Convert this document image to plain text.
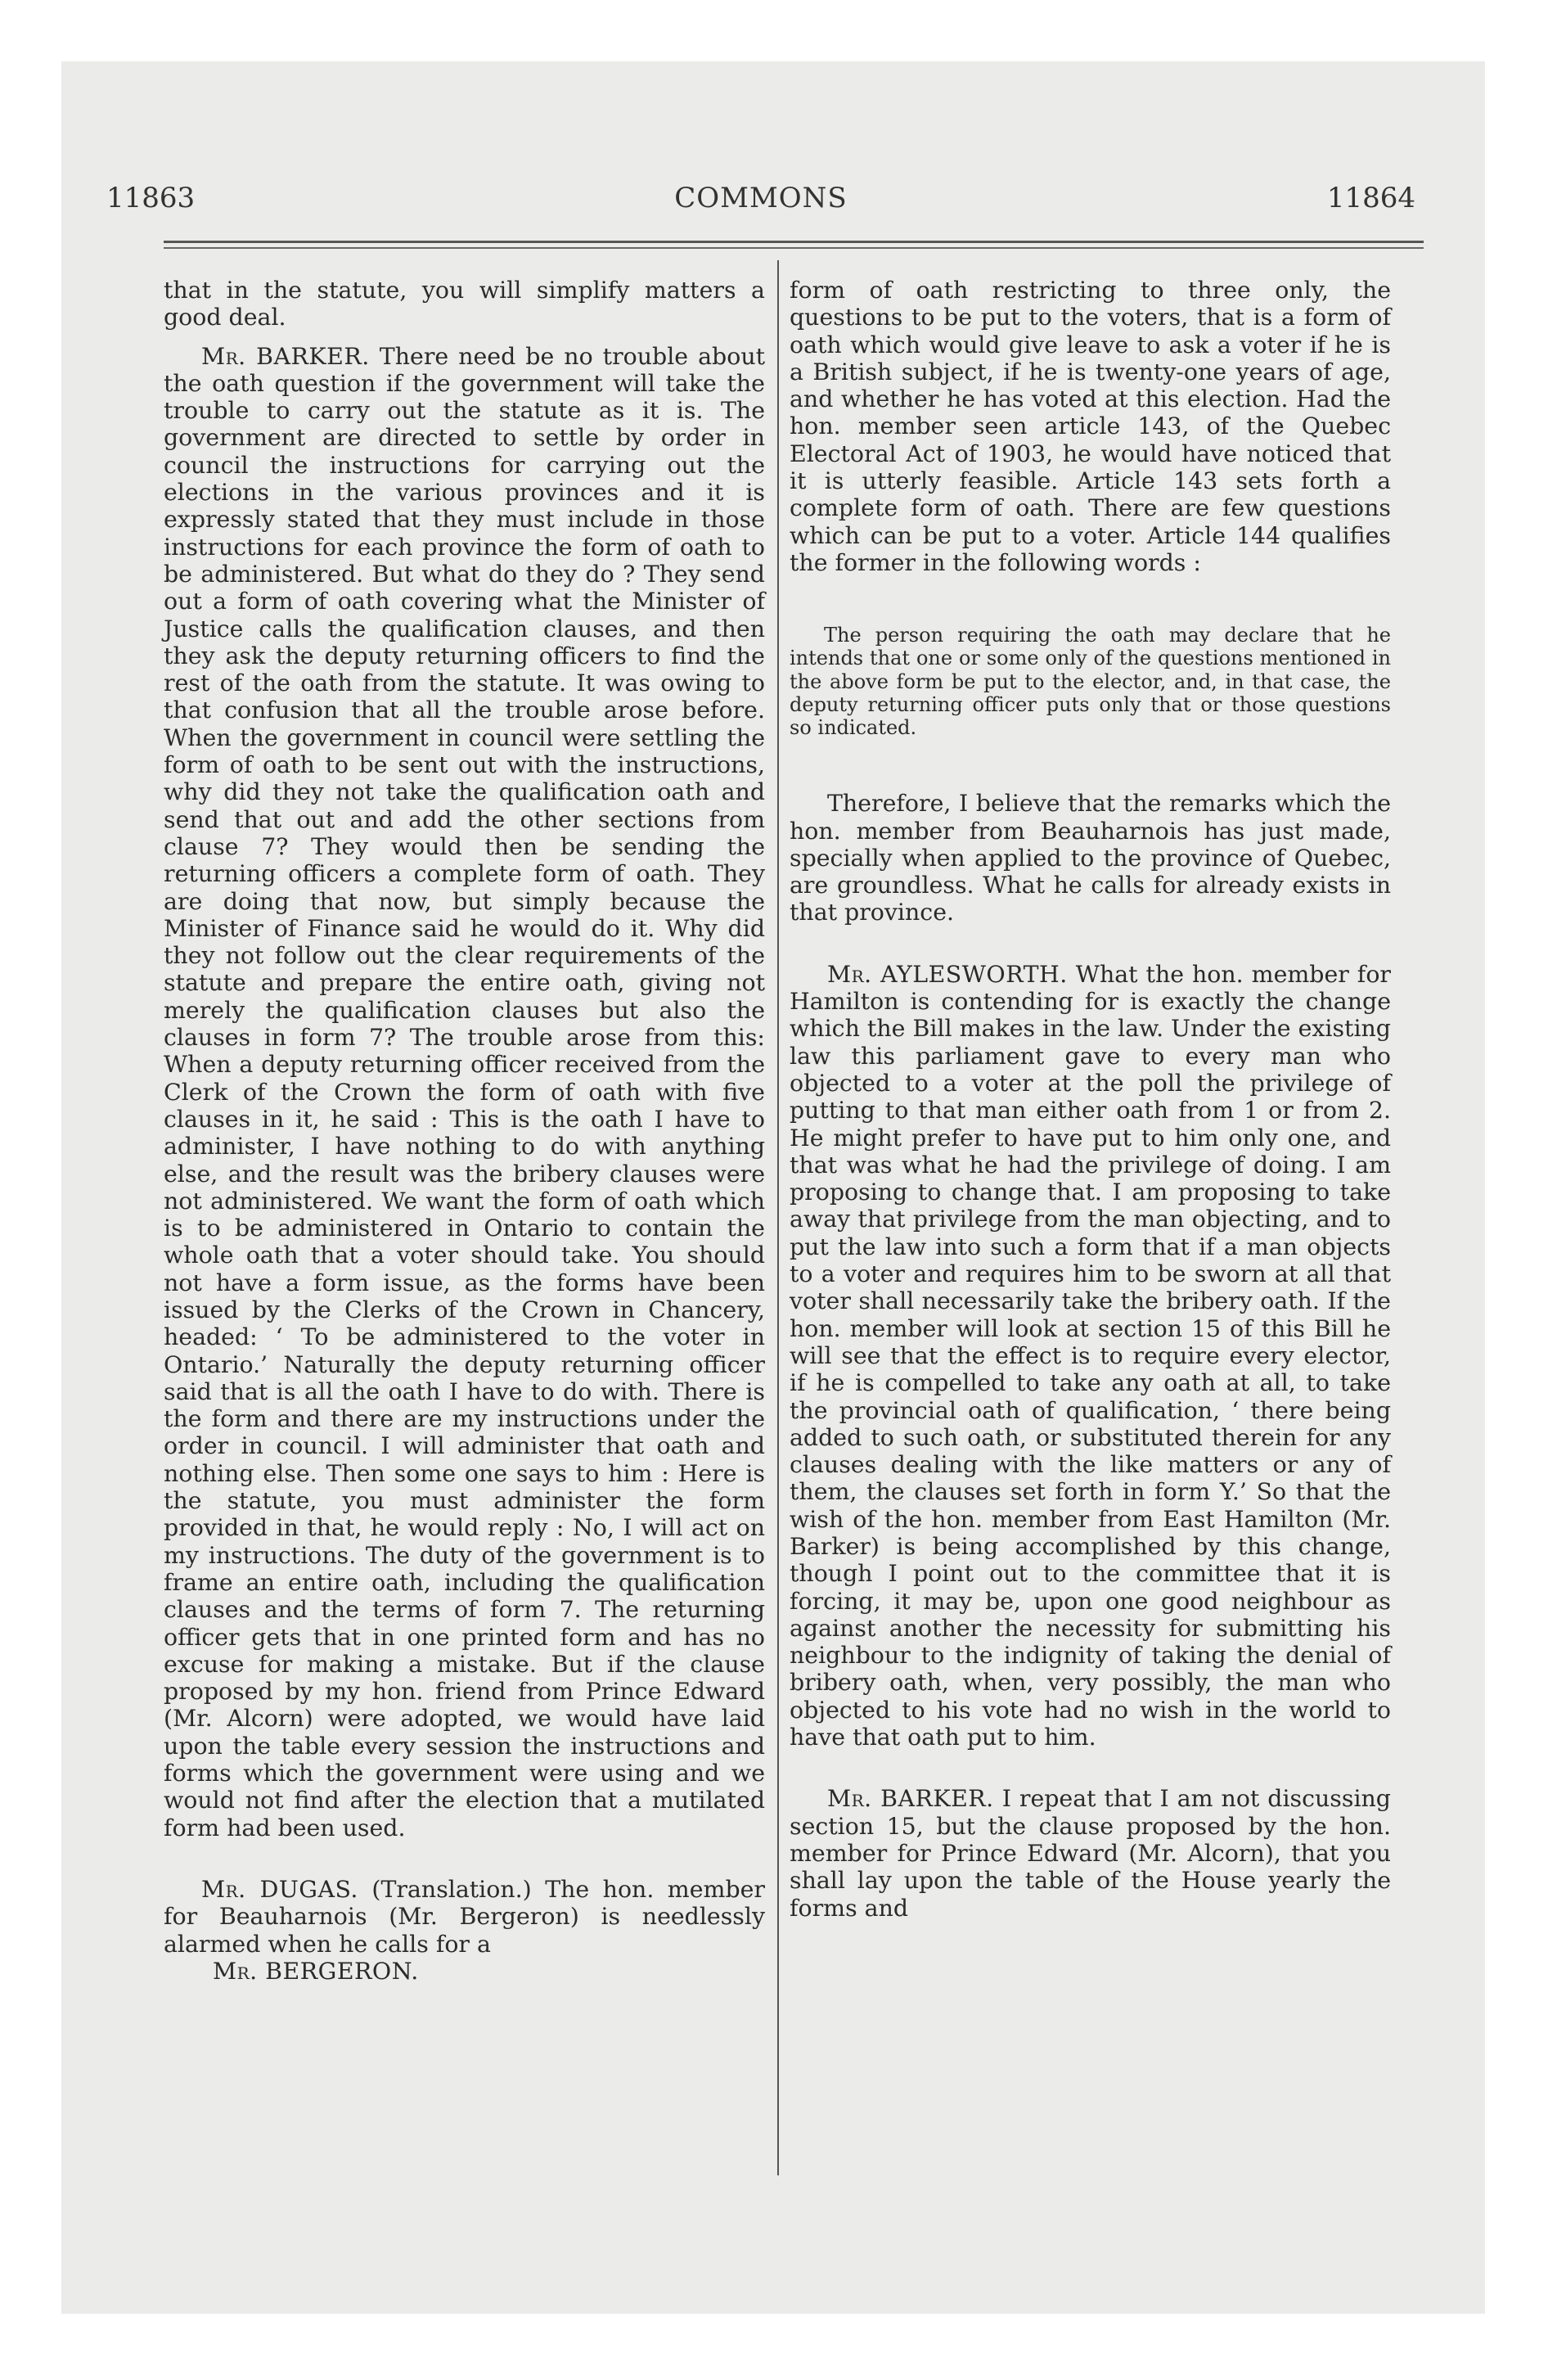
11863	COMMONS	11864

that in the statute, you will simplify matters a good deal.

Mr. BARKER. There need be no trouble about the oath question if the government will take the trouble to carry out the statute as it is. The government are directed to settle by order in council the instructions for carrying out the elections in the various provinces and it is expressly stated that they must include in those instructions for each province the form of oath to be administered. But what do they do ? They send out a form of oath covering what the Minister of Justice calls the qualification clauses, and then they ask the deputy returning officers to find the rest of the oath from the statute. It was owing to that confusion that all the trouble arose before. When the government in council were settling the form of oath to be sent out with the instructions, why did they not take the qualification oath and send that out and add the other sections from clause 7? They would then be sending the returning officers a complete form of oath. They are doing that now, but simply because the Minister of Finance said he would do it. Why did they not follow out the clear requirements of the statute and prepare the entire oath, giving not merely the qualification clauses but also the clauses in form 7? The trouble arose from this: When a deputy returning officer received from the Clerk of the Crown the form of oath with five clauses in it, he said : This is the oath I have to administer, I have nothing to do with anything else, and the result was the bribery clauses were not administered. We want the form of oath which is to be administered in Ontario to contain the whole oath that a voter should take. You should not have a form issue, as the forms have been issued by the Clerks of the Crown in Chancery, headed: ‘ To be administered to the voter in Ontario.’ Naturally the deputy returning officer said that is all the oath I have to do with. There is the form and there are my instructions under the order in council. I will administer that oath and nothing else. Then some one says to him : Here is the statute, you must administer the form provided in that, he would reply : No, I will act on my instructions. The duty of the government is to frame an entire oath, including the qualification clauses and the terms of form 7. The returning officer gets that in one printed form and has no excuse for making a mistake. But if the clause proposed by my hon. friend from Prince Edward (Mr. Alcorn) were adopted, we would have laid upon the table every session the instructions and forms which the government were using and we would not find after the election that a mutilated form had been used.

Mr. DUGAS. (Translation.) The hon. member for Beauharnois (Mr. Bergeron) is needlessly alarmed when he calls for a

Mr. BERGERON.

form of oath restricting to three only, the questions to be put to the voters, that is a form of oath which would give leave to ask a voter if he is a British subject, if he is twenty-one years of age, and whether he has voted at this election. Had the hon. member seen article 143, of the Quebec Electoral Act of 1903, he would have noticed that it is utterly feasible. Article 143 sets forth a complete form of oath. There are few questions which can be put to a voter. Article 144 qualifies the former in the following words :

The person requiring the oath may declare that he intends that one or some only of the questions mentioned in the above form be put to the elector, and, in that case, the deputy returning officer puts only that or those questions so indicated.

Therefore, I believe that the remarks which the hon. member from Beauharnois has just made, specially when applied to the province of Quebec, are groundless. What he calls for already exists in that province.

Mr. AYLESWORTH. What the hon. member for Hamilton is contending for is exactly the change which the Bill makes in the law. Under the existing law this parliament gave to every man who objected to a voter at the poll the privilege of putting to that man either oath from 1 or from 2. He might prefer to have put to him only one, and that was what he had the privilege of doing. I am proposing to change that. I am proposing to take away that privilege from the man objecting, and to put the law into such a form that if a man objects to a voter and requires him to be sworn at all that voter shall necessarily take the bribery oath. If the hon. member will look at section 15 of this Bill he will see that the effect is to require every elector, if he is compelled to take any oath at all, to take the provincial oath of qualification, ‘ there being added to such oath, or substituted therein for any clauses dealing with the like matters or any of them, the clauses set forth in form Y.’ So that the wish of the hon. member from East Hamilton (Mr. Barker) is being accomplished by this change, though I point out to the committee that it is forcing, it may be, upon one good neighbour as against another the necessity for submitting his neighbour to the indignity of taking the denial of bribery oath, when, very possibly, the man who objected to his vote had no wish in the world to have that oath put to him.

Mr. BARKER. I repeat that I am not discussing section 15, but the clause proposed by the hon. member for Prince Edward (Mr. Alcorn), that you shall lay upon the table of the House yearly the forms and
